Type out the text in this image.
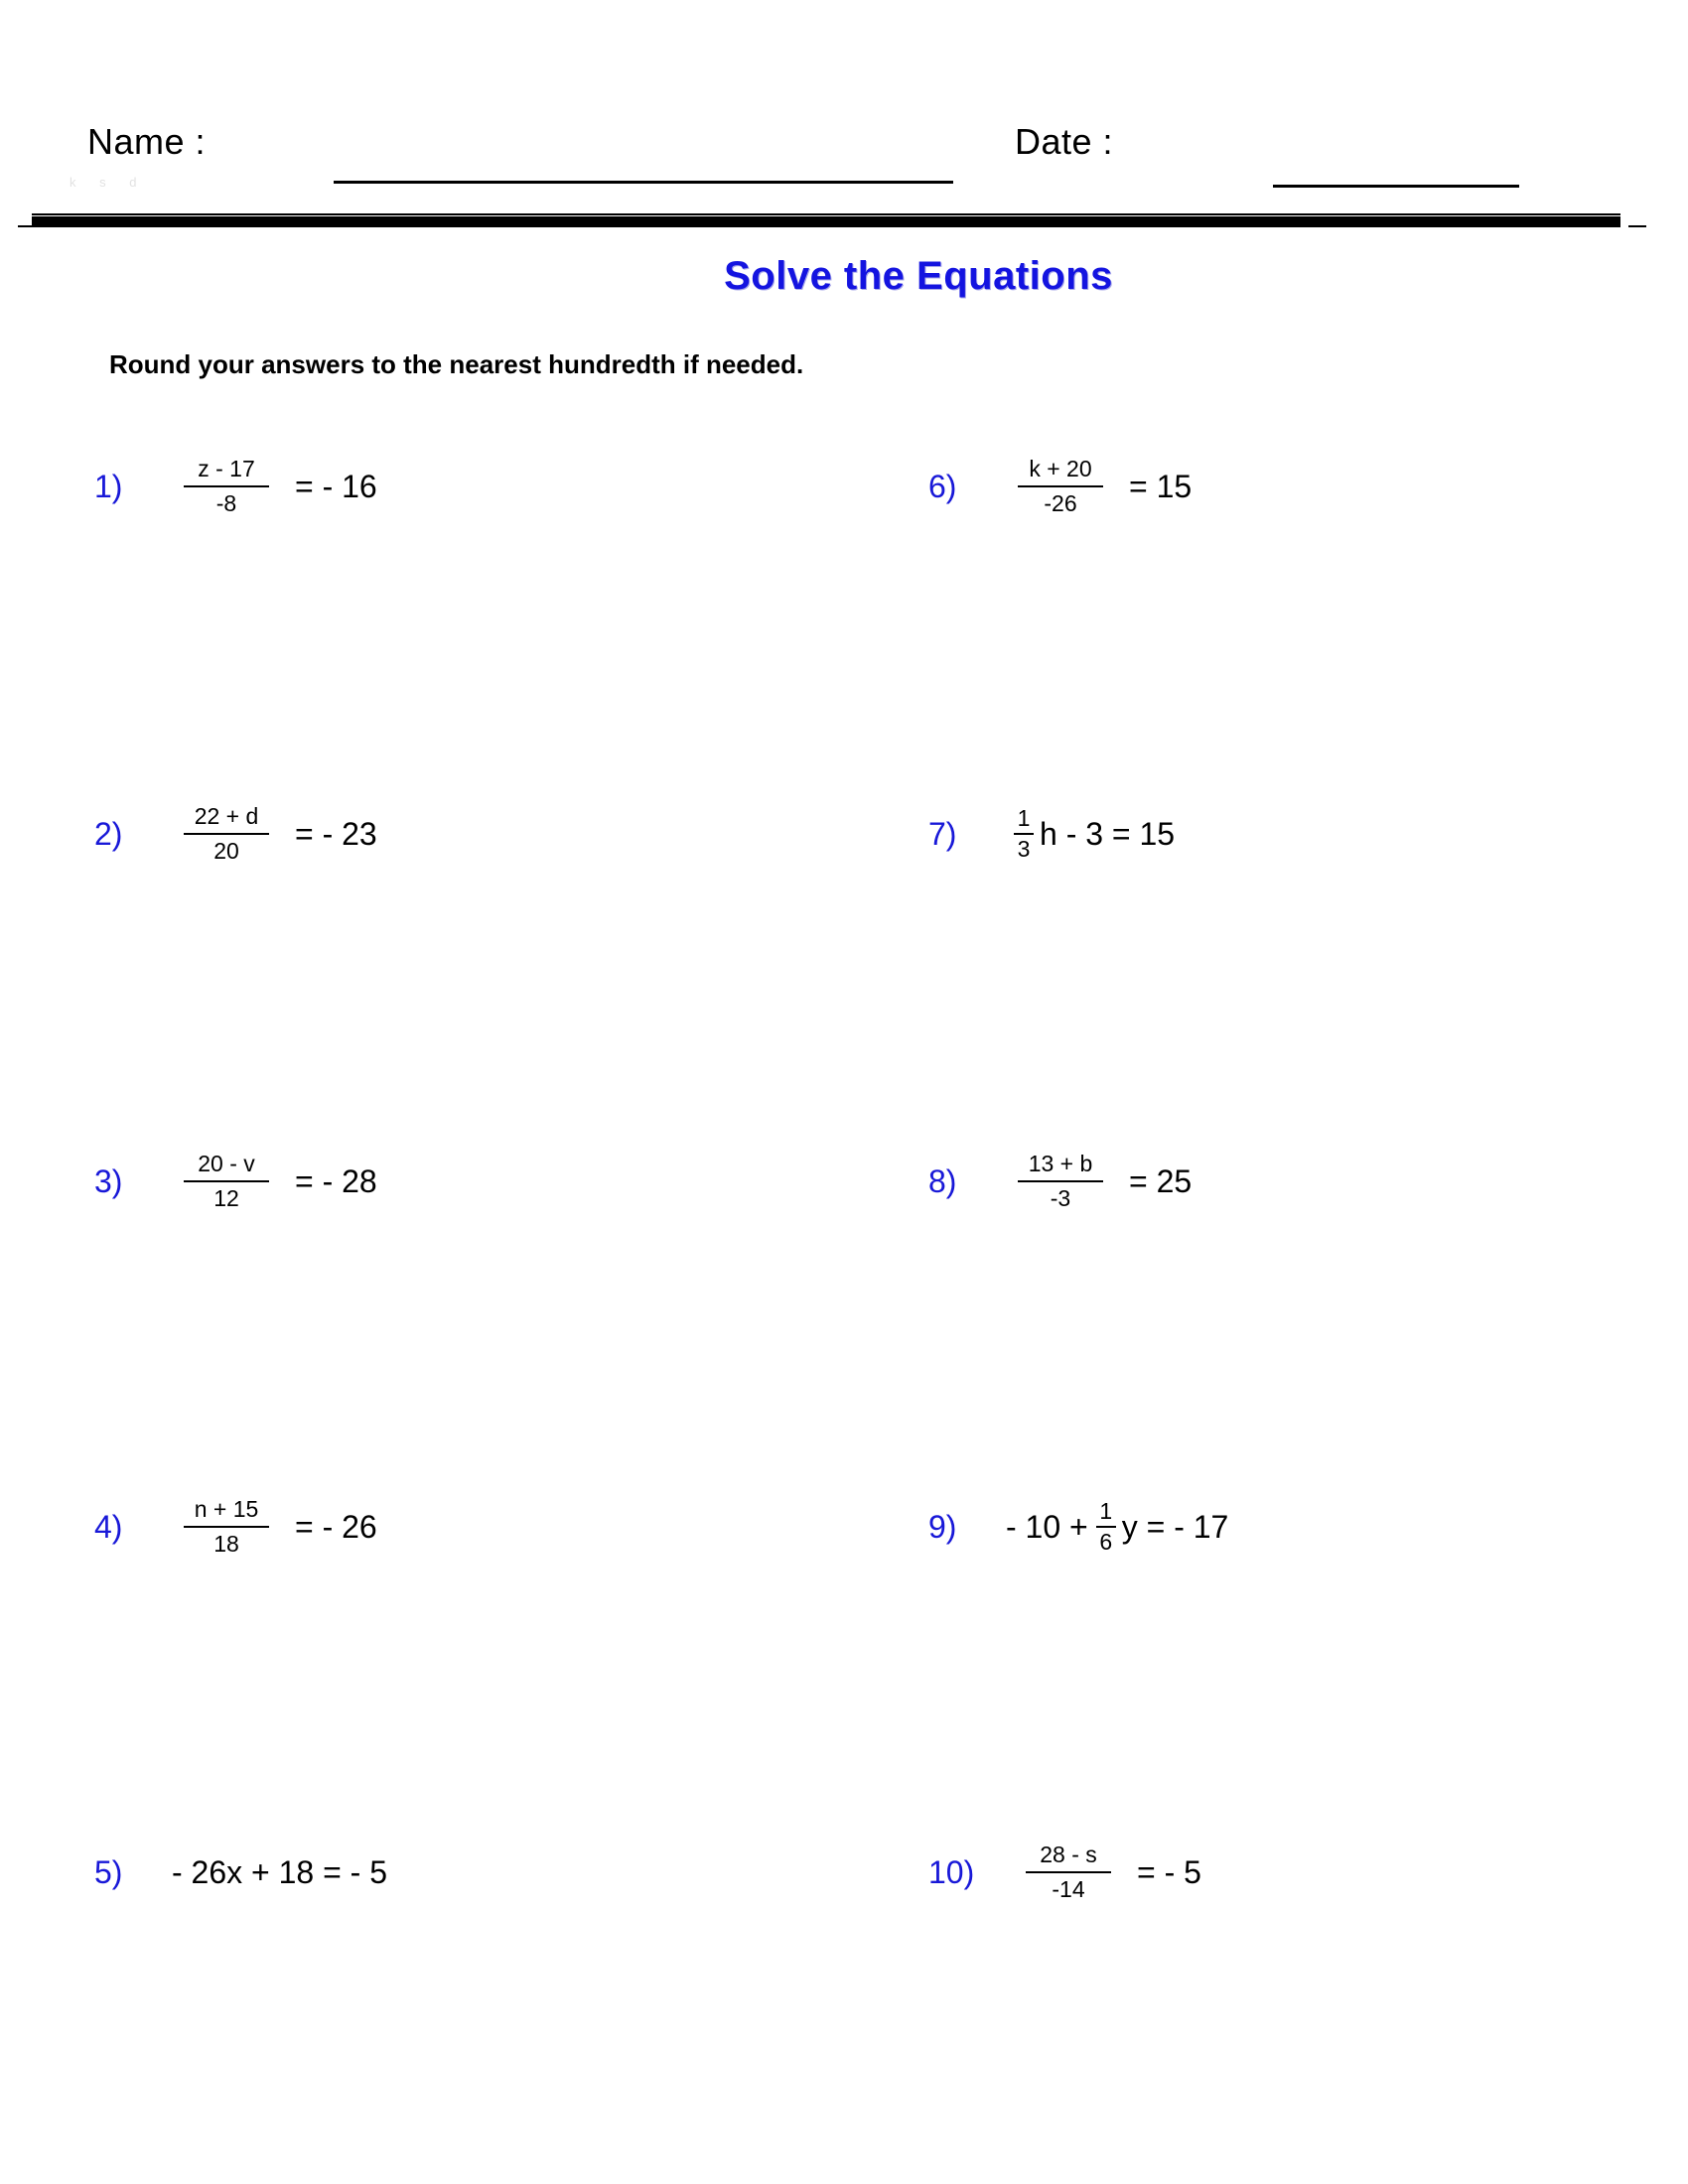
Name :	Date :
k s d
Solve the Equations
Round your answers to the nearest hundredth if needed.
1)	$\frac{z - 17}{-8}$ = - 16
2)	$\frac{22 + d}{20}$ = - 23
3)	$\frac{20 - v}{12}$ = - 28
4)	$\frac{n + 15}{18}$ = - 26
5)	- 26x + 18 = - 5
6)	$\frac{k + 20}{-26} = 15$
7)	$\frac{1}{3}$ h - 3 = 15
8)	$\frac{13 + b}{-3} = 25$
9)	- $10 + \frac{1}{6}$ y = - 17
10)	$\frac{28 - s}{-14}$ = - 5
